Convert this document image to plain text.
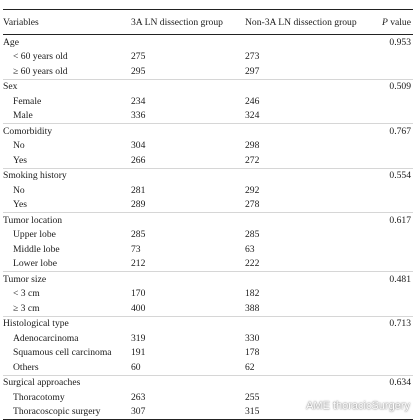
Variables	3A LN dissection group	Non-3A LN dissection group	P value
Age			0.953
< 60 years old	275	273	
≥ 60 years old	295	297	
Sex			0.509
Female	234	246	
Male	336	324	
Comorbidity			0.767
No	304	298	
Yes	266	272	
Smoking history			0.554
No	281	292	
Yes	289	278	
Tumor location			0.617
Upper lobe	285	285	
Middle lobe	73	63	
Lower lobe	212	222	
Tumor size			0.481
< 3 cm	170	182	
≥ 3 cm	400	388	
Histological type			0.713
Adenocarcinoma	319	330	
Squamous cell carcinoma	191	178	
Others	60	62	
Surgical approaches			0.634
Thoracotomy	263	255	
Thoracoscopic surgery	307	315		AME thoracicSurgery
